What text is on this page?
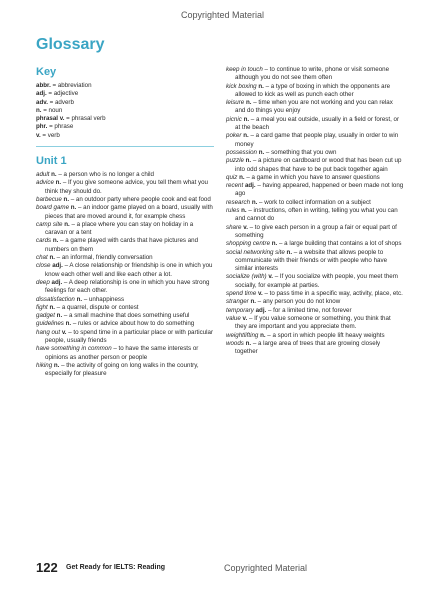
Copyrighted Material
Glossary
Key
abbr. = abbreviation
adj. = adjective
adv. = adverb
n. = noun
phrasal v. = phrasal verb
phr. = phrase
v. = verb
Unit 1
adult n. – a person who is no longer a child
advice n. – If you give someone advice, you tell them what you think they should do.
barbecue n. – an outdoor party where people cook and eat food
board game n. – an indoor game played on a board, usually with pieces that are moved around it, for example chess
camp site n. – a place where you can stay on holiday in a caravan or a tent
cards n. – a game played with cards that have pictures and numbers on them
chat n. – an informal, friendly conversation
close adj. – A close relationship or friendship is one in which you know each other well and like each other a lot.
deep adj. – A deep relationship is one in which you have strong feelings for each other.
dissatisfaction n. – unhappiness
fight n. – a quarrel, dispute or contest
gadget n. – a small machine that does something useful
guidelines n. – rules or advice about how to do something
hang out v. – to spend time in a particular place or with particular people, usually friends
have something in common – to have the same interests or opinions as another person or people
hiking n. – the activity of going on long walks in the country, especially for pleasure
keep in touch – to continue to write, phone or visit someone although you do not see them often
kick boxing n. – a type of boxing in which the opponents are allowed to kick as well as punch each other
leisure n. – time when you are not working and you can relax and do things you enjoy
picnic n. – a meal you eat outside, usually in a field or forest, or at the beach
poker n. – a card game that people play, usually in order to win money
possession n. – something that you own
puzzle n. – a picture on cardboard or wood that has been cut up into odd shapes that have to be put back together again
quiz n. – a game in which you have to answer questions
recent adj. – having appeared, happened or been made not long ago
research n. – work to collect information on a subject
rules n. – instructions, often in writing, telling you what you can and cannot do
share v. – to give each person in a group a fair or equal part of something
shopping centre n. – a large building that contains a lot of shops
social networking site n. – a website that allows people to communicate with their friends or with people who have similar interests
socialize (with) v. – If you socialize with people, you meet them socially, for example at parties.
spend time v. – to pass time in a specific way, activity, place, etc.
stranger n. – any person you do not know
temporary adj. – for a limited time, not forever
value v. – If you value someone or something, you think that they are important and you appreciate them.
weightlifting n. – a sport in which people lift heavy weights
woods n. – a large area of trees that are growing closely together
122 Get Ready for IELTS: Reading	Copyrighted Material
